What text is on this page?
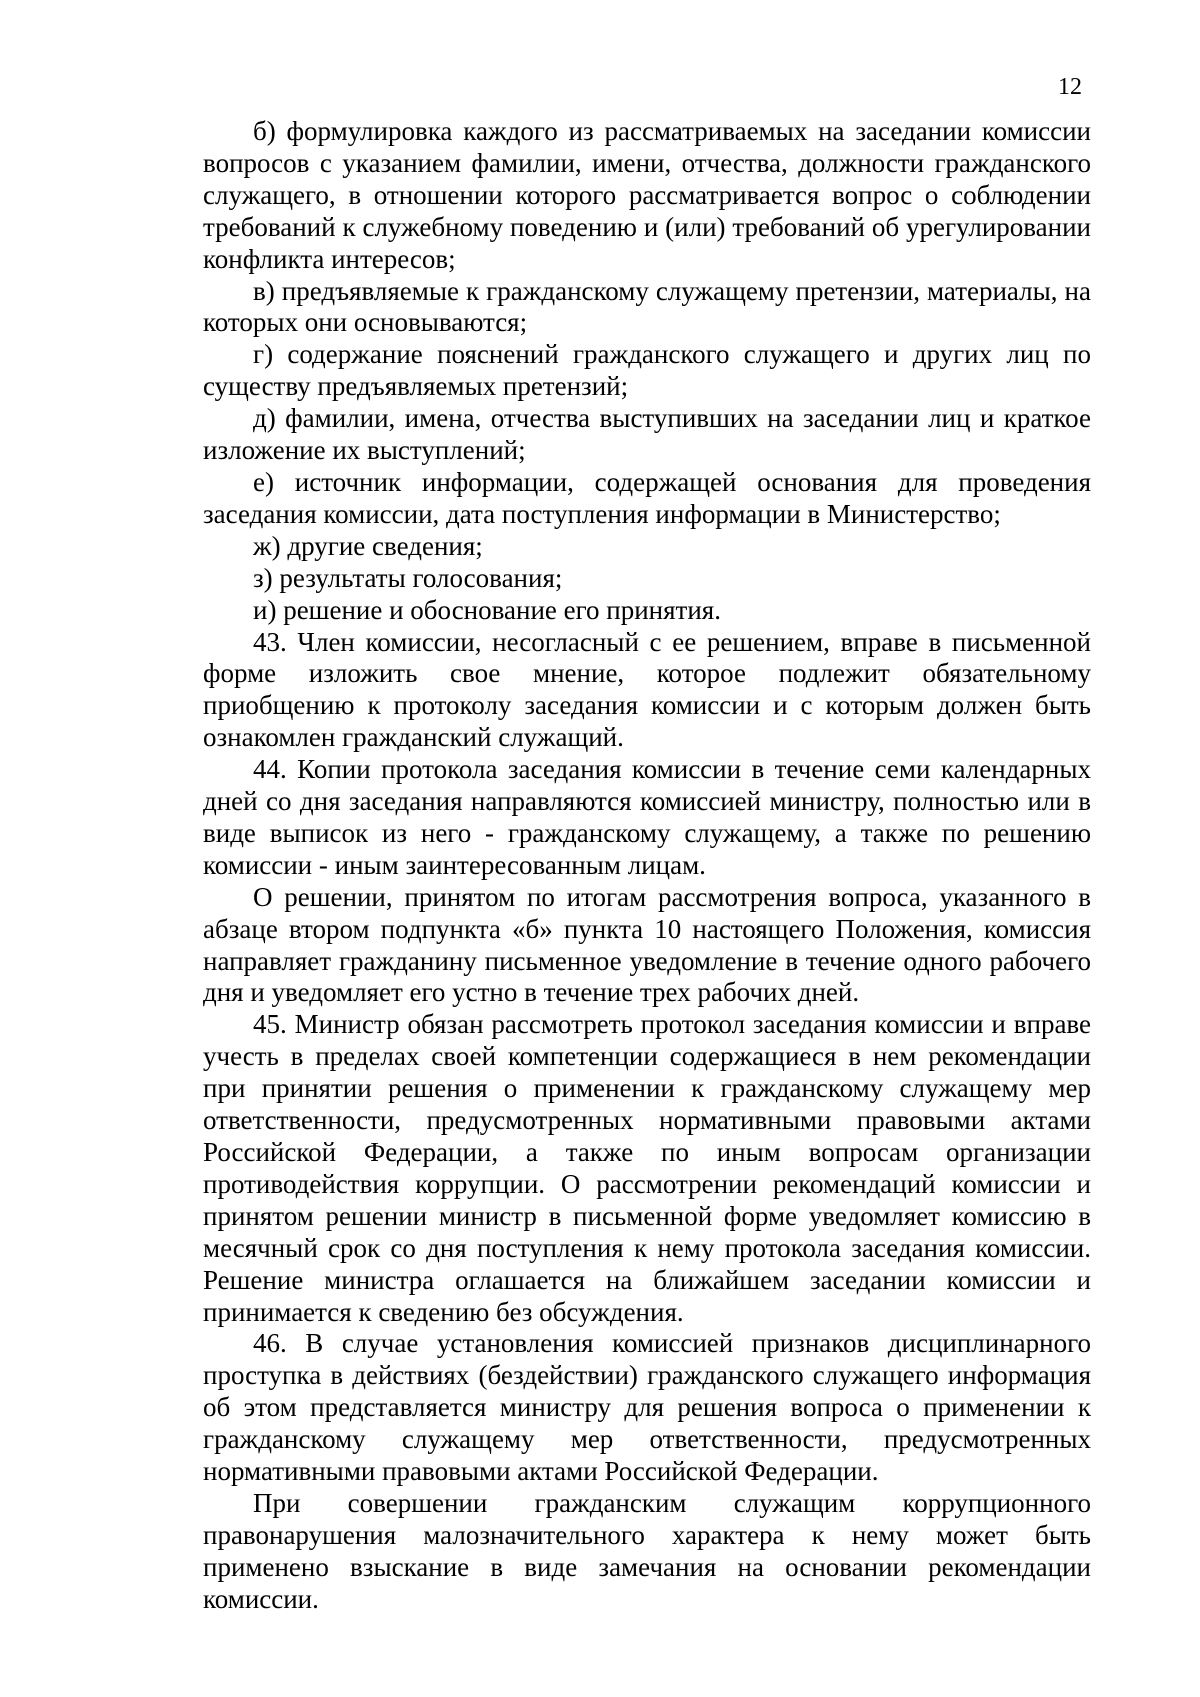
12

б) формулировка каждого из рассматриваемых на заседании комиссии вопросов с указанием фамилии, имени, отчества, должности гражданского служащего, в отношении которого рассматривается вопрос о соблюдении требований к служебному поведению и (или) требований об урегулировании конфликта интересов;

в) предъявляемые к гражданскому служащему претензии, материалы, на которых они основываются;

г) содержание пояснений гражданского служащего и других лиц по существу предъявляемых претензий;

д) фамилии, имена, отчества выступивших на заседании лиц и краткое изложение их выступлений;

е) источник информации, содержащей основания для проведения заседания комиссии, дата поступления информации в Министерство;

ж) другие сведения;

з) результаты голосования;

и) решение и обоснование его принятия.

43. Член комиссии, несогласный с ее решением, вправе в письменной форме изложить свое мнение, которое подлежит обязательному приобщению к протоколу заседания комиссии и с которым должен быть ознакомлен гражданский служащий.

44. Копии протокола заседания комиссии в течение семи календарных дней со дня заседания направляются комиссией министру, полностью или в виде выписок из него - гражданскому служащему, а также по решению комиссии - иным заинтересованным лицам.

О решении, принятом по итогам рассмотрения вопроса, указанного в абзаце втором подпункта «б» пункта 10 настоящего Положения, комиссия направляет гражданину письменное уведомление в течение одного рабочего дня и уведомляет его устно в течение трех рабочих дней.

45. Министр обязан рассмотреть протокол заседания комиссии и вправе учесть в пределах своей компетенции содержащиеся в нем рекомендации при принятии решения о применении к гражданскому служащему мер ответственности, предусмотренных нормативными правовыми актами Российской Федерации, а также по иным вопросам организации противодействия коррупции. О рассмотрении рекомендаций комиссии и принятом решении министр в письменной форме уведомляет комиссию в месячный срок со дня поступления к нему протокола заседания комиссии. Решение министра оглашается на ближайшем заседании комиссии и принимается к сведению без обсуждения.

46. В случае установления комиссией признаков дисциплинарного проступка в действиях (бездействии) гражданского служащего информация об этом представляется министру для решения вопроса о применении к гражданскому служащему мер ответственности, предусмотренных нормативными правовыми актами Российской Федерации.

При совершении гражданским служащим коррупционного правонарушения малозначительного характера к нему может быть применено взыскание в виде замечания на основании рекомендации комиссии.
